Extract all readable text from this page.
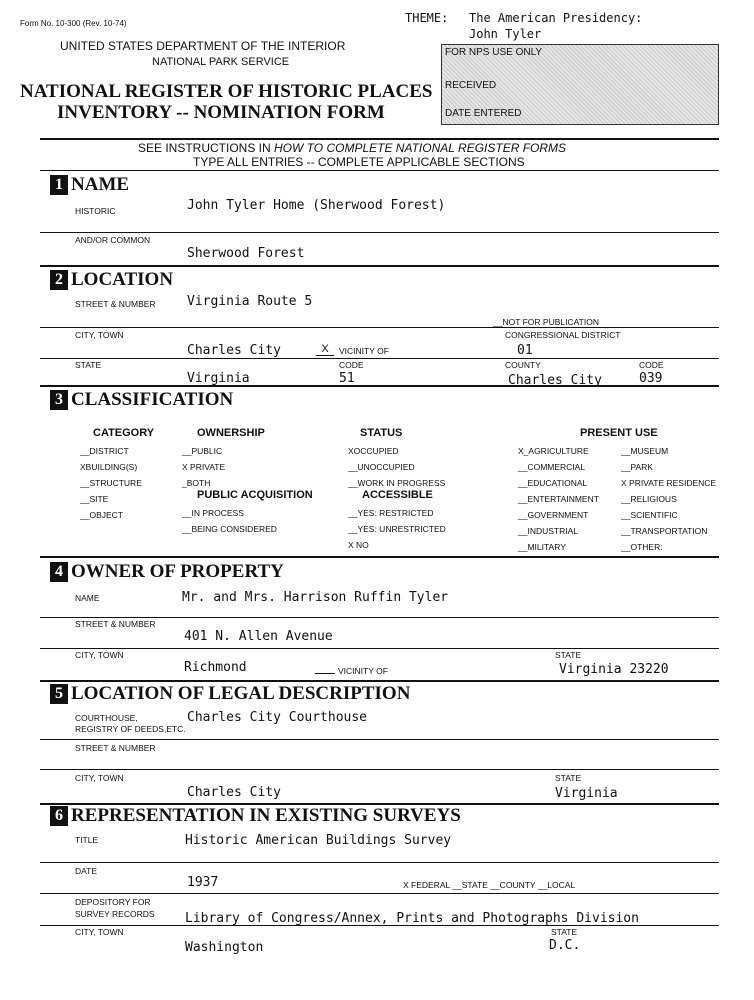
Form No. 10-300 (Rev. 10-74)
UNITED STATES DEPARTMENT OF THE INTERIOR
NATIONAL PARK SERVICE
NATIONAL REGISTER OF HISTORIC PLACES
INVENTORY -- NOMINATION FORM
THEME: The American Presidency:
John Tyler
FOR NPS USE ONLY
RECEIVED
DATE ENTERED
SEE INSTRUCTIONS IN HOW TO COMPLETE NATIONAL REGISTER FORMS
TYPE ALL ENTRIES -- COMPLETE APPLICABLE SECTIONS
1 NAME
HISTORIC	John Tyler Home (Sherwood Forest)
AND/OR COMMON
Sherwood Forest
2 LOCATION
STREET & NUMBER Virginia Route 5
__NOT FOR PUBLICATION
CITY, TOWN	CONGRESSIONAL DISTRICT
Charles City	X	VICINITY OF	01
STATE	CODE	COUNTY	CODE
Virginia	51	Charles City	039
3 CLASSIFICATION
CATEGORY
__DISTRICT
XBUILDING(S)
__STRUCTURE
__SITE
__OBJECT
OWNERSHIP
__PUBLIC
X PRIVATE
_BOTH
PUBLIC ACQUISITION
__IN PROCESS
__BEING CONSIDERED
STATUS
XOCCUPIED
__UNOCCUPIED
__WORK IN PROGRESS
ACCESSIBLE
__YES: RESTRICTED
__YES: UNRESTRICTED
X NO
PRESENT USE
X_AGRICULTURE
__COMMERCIAL
__EDUCATIONAL
__ENTERTAINMENT
__GOVERNMENT
__INDUSTRIAL
__MILITARY
__MUSEUM
__PARK
X PRIVATE RESIDENCE
__RELIGIOUS
__SCIENTIFIC
__TRANSPORTATION
__OTHER:
4 OWNER OF PROPERTY
NAME	Mr. and Mrs. Harrison Ruffin Tyler
STREET & NUMBER
401 N. Allen Avenue
CITY, TOWN	STATE
Richmond	VICINITY OF	Virginia 23220
5 LOCATION OF LEGAL DESCRIPTION
COURTHOUSE,
REGISTRY OF DEEDS,ETC.
Charles City Courthouse
STREET & NUMBER
CITY, TOWN	STATE
Charles City	Virginia
6 REPRESENTATION IN EXISTING SURVEYS
TITLE	Historic American Buildings Survey
DATE
1937	X FEDERAL __STATE __COUNTY __LOCAL
DEPOSITORY FOR
SURVEY RECORDS Library of Congress/Annex, Prints and Photographs Division
CITY, TOWN	STATE
Washington	D.C.
